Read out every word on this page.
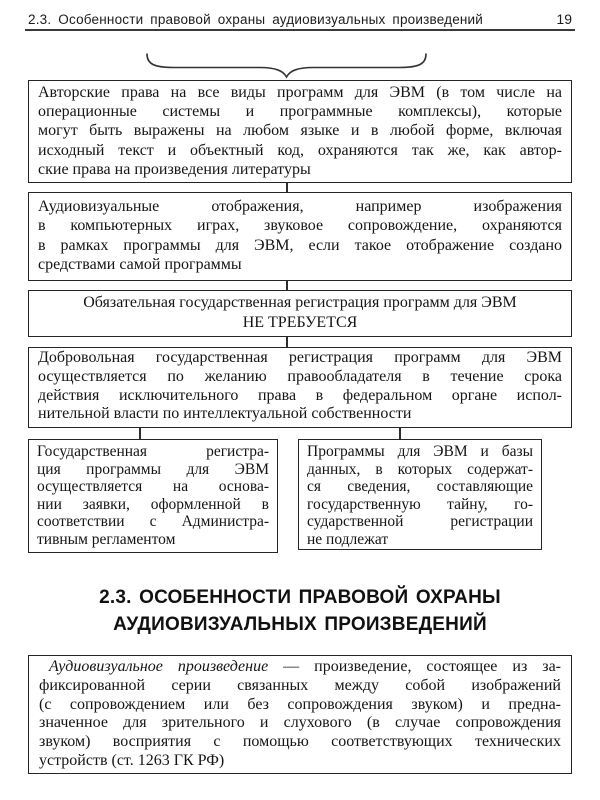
2.3. Особенности правовой охраны аудиовизуальных произведений	19
Авторские права на все виды программ для ЭВМ (в том числе на
операционные системы и программные комплексы), которые
могут быть выражены на любом языке и в любой форме, включая
исходный текст и объектный код, охраняются так же, как автор-
ские права на произведения литературы
Аудиовизуальные отображения, например изображения
в компьютерных играх, звуковое сопровождение, охраняются
в рамках программы для ЭВМ, если такое отображение создано
средствами самой программы
Обязательная государственная регистрация программ для ЭВМ
НЕ ТРЕБУЕТСЯ
Добровольная государственная регистрация программ для ЭВМ
осуществляется по желанию правообладателя в течение срока
действия исключительного права в федеральном органе испол-
нительной власти по интеллектуальной собственности
Государственная регистра-
ция программы для ЭВМ
осуществляется на основа-
нии заявки, оформленной в
соответствии с Администра-
тивным регламентом
Программы для ЭВМ и базы
данных, в которых содержат-
ся сведения, составляющие
государственную тайну, го-
сударственной регистрации
не подлежат
2.3. ОСОБЕННОСТИ ПРАВОВОЙ ОХРАНЫ
АУДИОВИЗУАЛЬНЫХ ПРОИЗВЕДЕНИЙ
Аудиовизуальное произведение — произведение, состоящее из за-
фиксированной серии связанных между собой изображений
(с сопровождением или без сопровождения звуком) и предна-
значенное для зрительного и слухового (в случае сопровождения
звуком) восприятия с помощью соответствующих технических
устройств (ст. 1263 ГК РФ)
